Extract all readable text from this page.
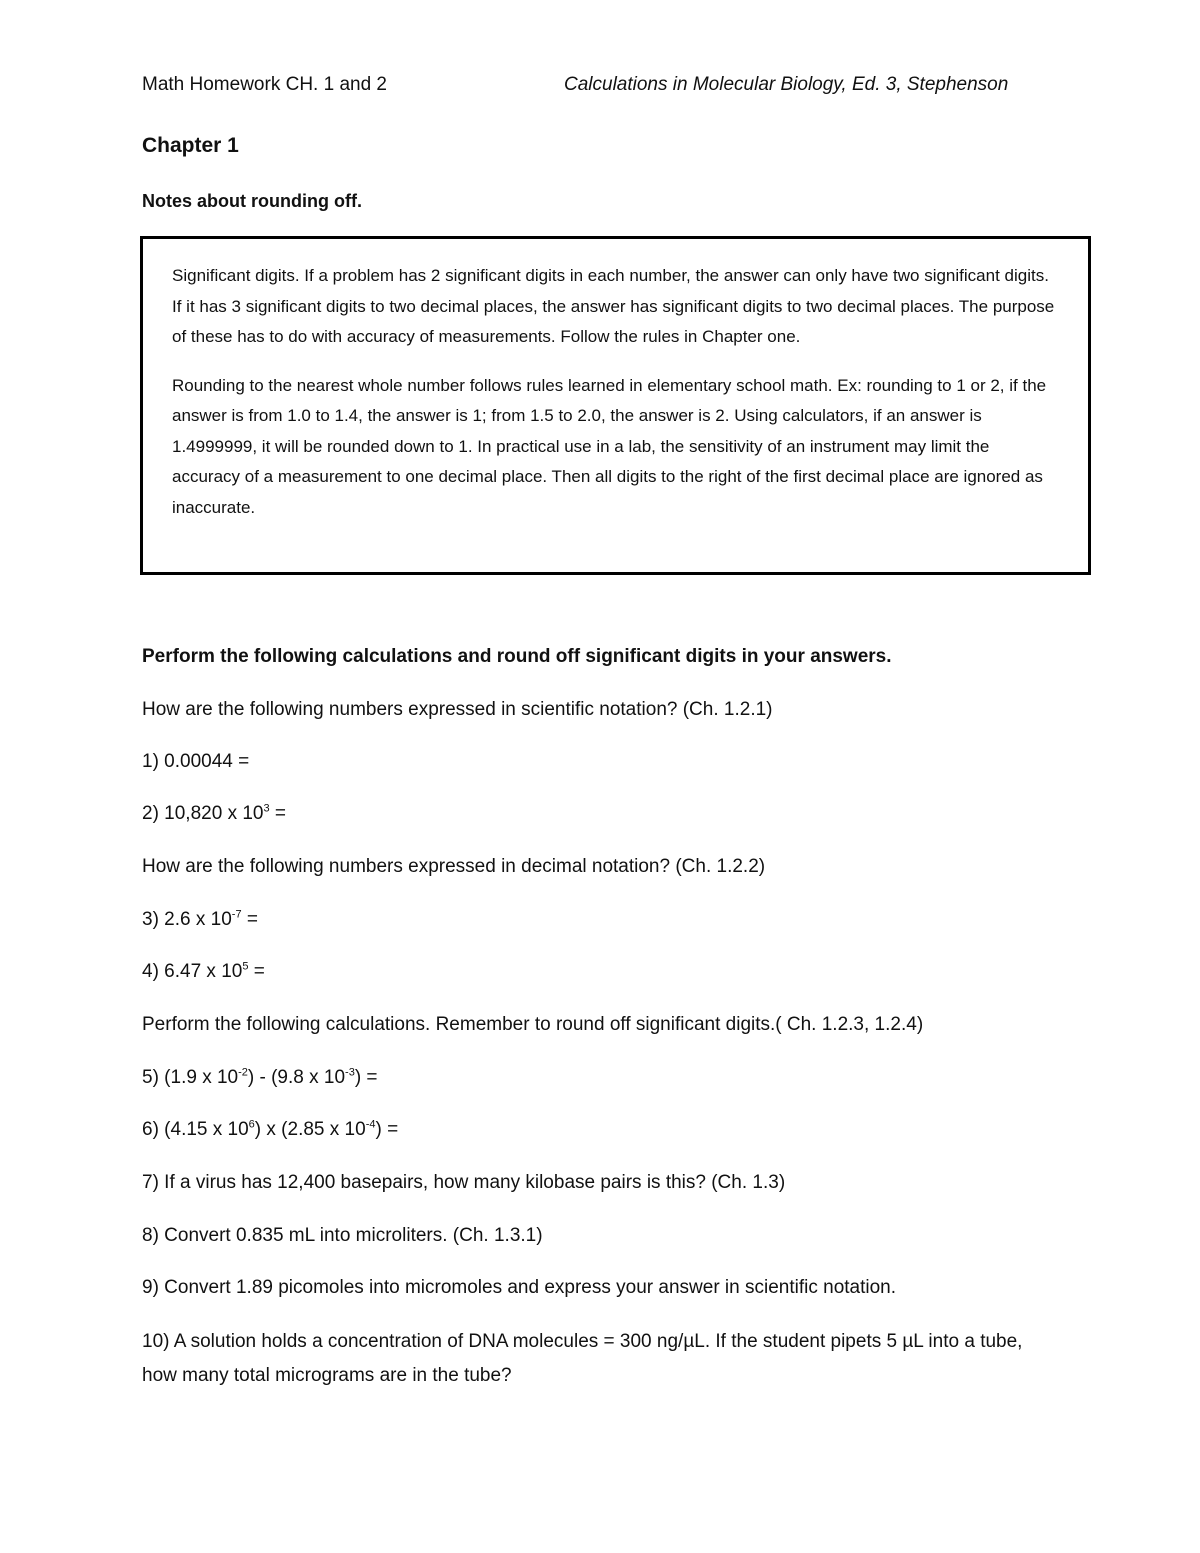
Math Homework CH. 1 and 2	Calculations in Molecular Biology, Ed. 3, Stephenson
Chapter 1
Notes about rounding off.

Significant digits. If a problem has 2 significant digits in each number, the answer can only have two significant digits. If it has 3 significant digits to two decimal places, the answer has significant digits to two decimal places. The purpose of these has to do with accuracy of measurements. Follow the rules in Chapter one.

Rounding to the nearest whole number follows rules learned in elementary school math. Ex: rounding to 1 or 2, if the answer is from 1.0 to 1.4, the answer is 1; from 1.5 to 2.0, the answer is 2. Using calculators, if an answer is 1.4999999, it will be rounded down to 1. In practical use in a lab, the sensitivity of an instrument may limit the accuracy of a measurement to one decimal place. Then all digits to the right of the first decimal place are ignored as inaccurate.

Perform the following calculations and round off significant digits in your answers.
How are the following numbers expressed in scientific notation? (Ch. 1.2.1)
1) 0.00044 =
2) 10,820 x $10^3$ =
How are the following numbers expressed in decimal notation? (Ch. 1.2.2)
3) 2.6 x $10^{-7}$ =
4) 6.47 x $10^5$ =
Perform the following calculations. Remember to round off significant digits.( Ch. 1.2.3, 1.2.4)
5) (1.9 x $10^{-2}) - (9.8$ x $10^{-3}$) =
6) (4.15 x $10^6$) x (2.85 x $10^{-4}$) =
7) If a virus has 12,400 basepairs, how many kilobase pairs is this? (Ch. 1.3)
8) Convert 0.835 mL into microliters. (Ch. 1.3.1)
9) Convert 1.89 picomoles into micromoles and express your answer in scientific notation.
10) A solution holds a concentration of DNA molecules = 300 ng/µL. If the student pipets 5 µL into a tube, how many total micrograms are in the tube?
